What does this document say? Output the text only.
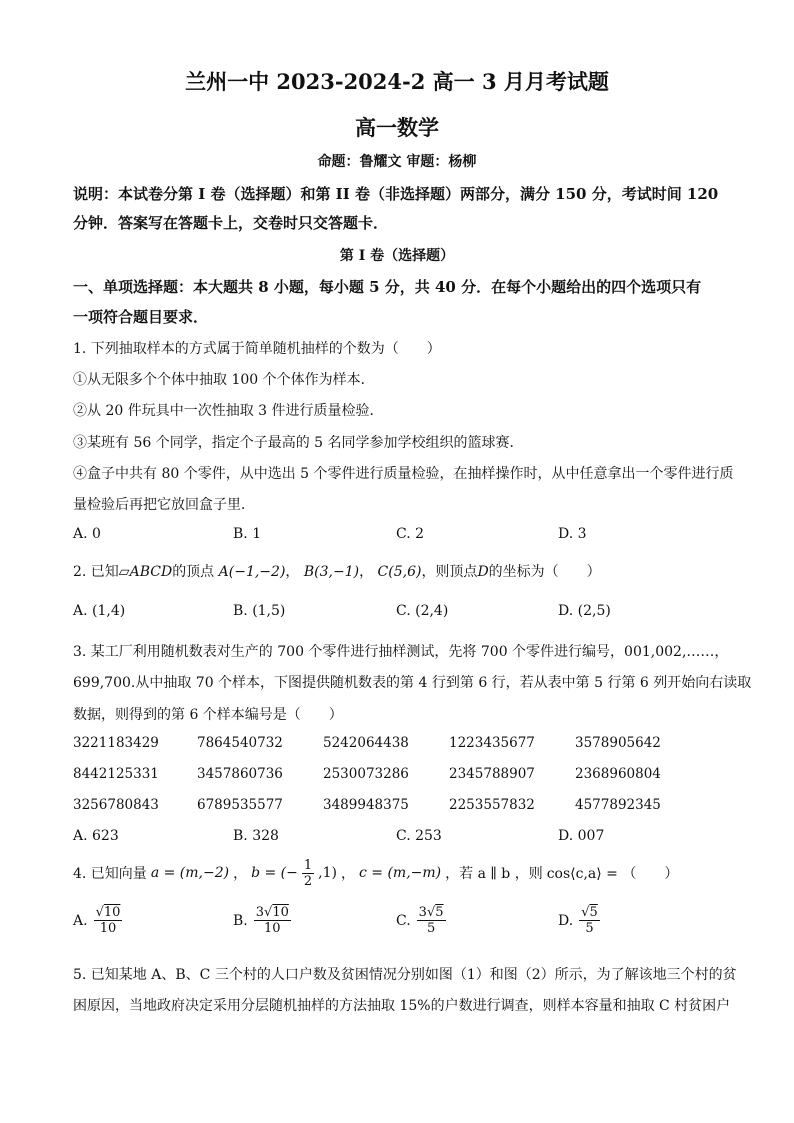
兰州一中 2023-2024-2 高一 3 月月考试题
高一数学
命题：鲁耀文 审题：杨柳
说明：本试卷分第 I 卷（选择题）和第 II 卷（非选择题）两部分，满分 150 分，考试时间 120
分钟．答案写在答题卡上，交卷时只交答题卡．
第 I 卷（选择题）
一、单项选择题：本大题共 8 小题，每小题 5 分，共 40 分．在每个小题给出的四个选项只有
一项符合题目要求．
1. 下列抽取样本的方式属于简单随机抽样的个数为（　　）
①从无限多个个体中抽取 100 个个体作为样本．
②从 20 件玩具中一次性抽取 3 件进行质量检验．
③某班有 56 个同学，指定个子最高的 5 名同学参加学校组织的篮球赛．
④盒子中共有 80 个零件，从中选出 5 个零件进行质量检验，在抽样操作时，从中任意拿出一个零件进行质
量检验后再把它放回盒子里．
A. 0	B. 1	C. 2	D. 3
2. 已知▱ABCD的顶点 A(−1,−2)， B(3,−1)， C(5,6)，则顶点D的坐标为（　　）
A. (1,4)	B. (1,5)	C. (2,4)	D. (2,5)
3. 某工厂利用随机数表对生产的 700 个零件进行抽样测试，先将 700 个零件进行编号，001,002,……，
699,700.从中抽取 70 个样本，下图提供随机数表的第 4 行到第 6 行，若从表中第 5 行第 6 列开始向右读取
数据，则得到的第 6 个样本编号是（　　）
3221183429	7864540732	5242064438	1223435677	3578905642
8442125331	3457860736	2530073286	2345788907	2368960804
3256780843	6789535577	3489948375	2253557832	4577892345
A. 623	B. 328	C. 253	D. 007
4. 已知向量 a = (m,−2) ， b = (− $\frac{1}{2} ,1$) ， c = (m,−m) ，若 a ∥ b ，则 cos⟨c,a⟩ = （　　）
A. $\frac{√10}{10}$	B. $\frac{3√10}{10}$	C. $\frac{3√5}{5}$	D. $\frac{√5}{5}$
5. 已知某地 A、B、C 三个村的人口户数及贫困情况分别如图（1）和图（2）所示，为了解该地三个村的贫
困原因，当地政府决定采用分层随机抽样的方法抽取 15%的户数进行调查，则样本容量和抽取 C 村贫困户
